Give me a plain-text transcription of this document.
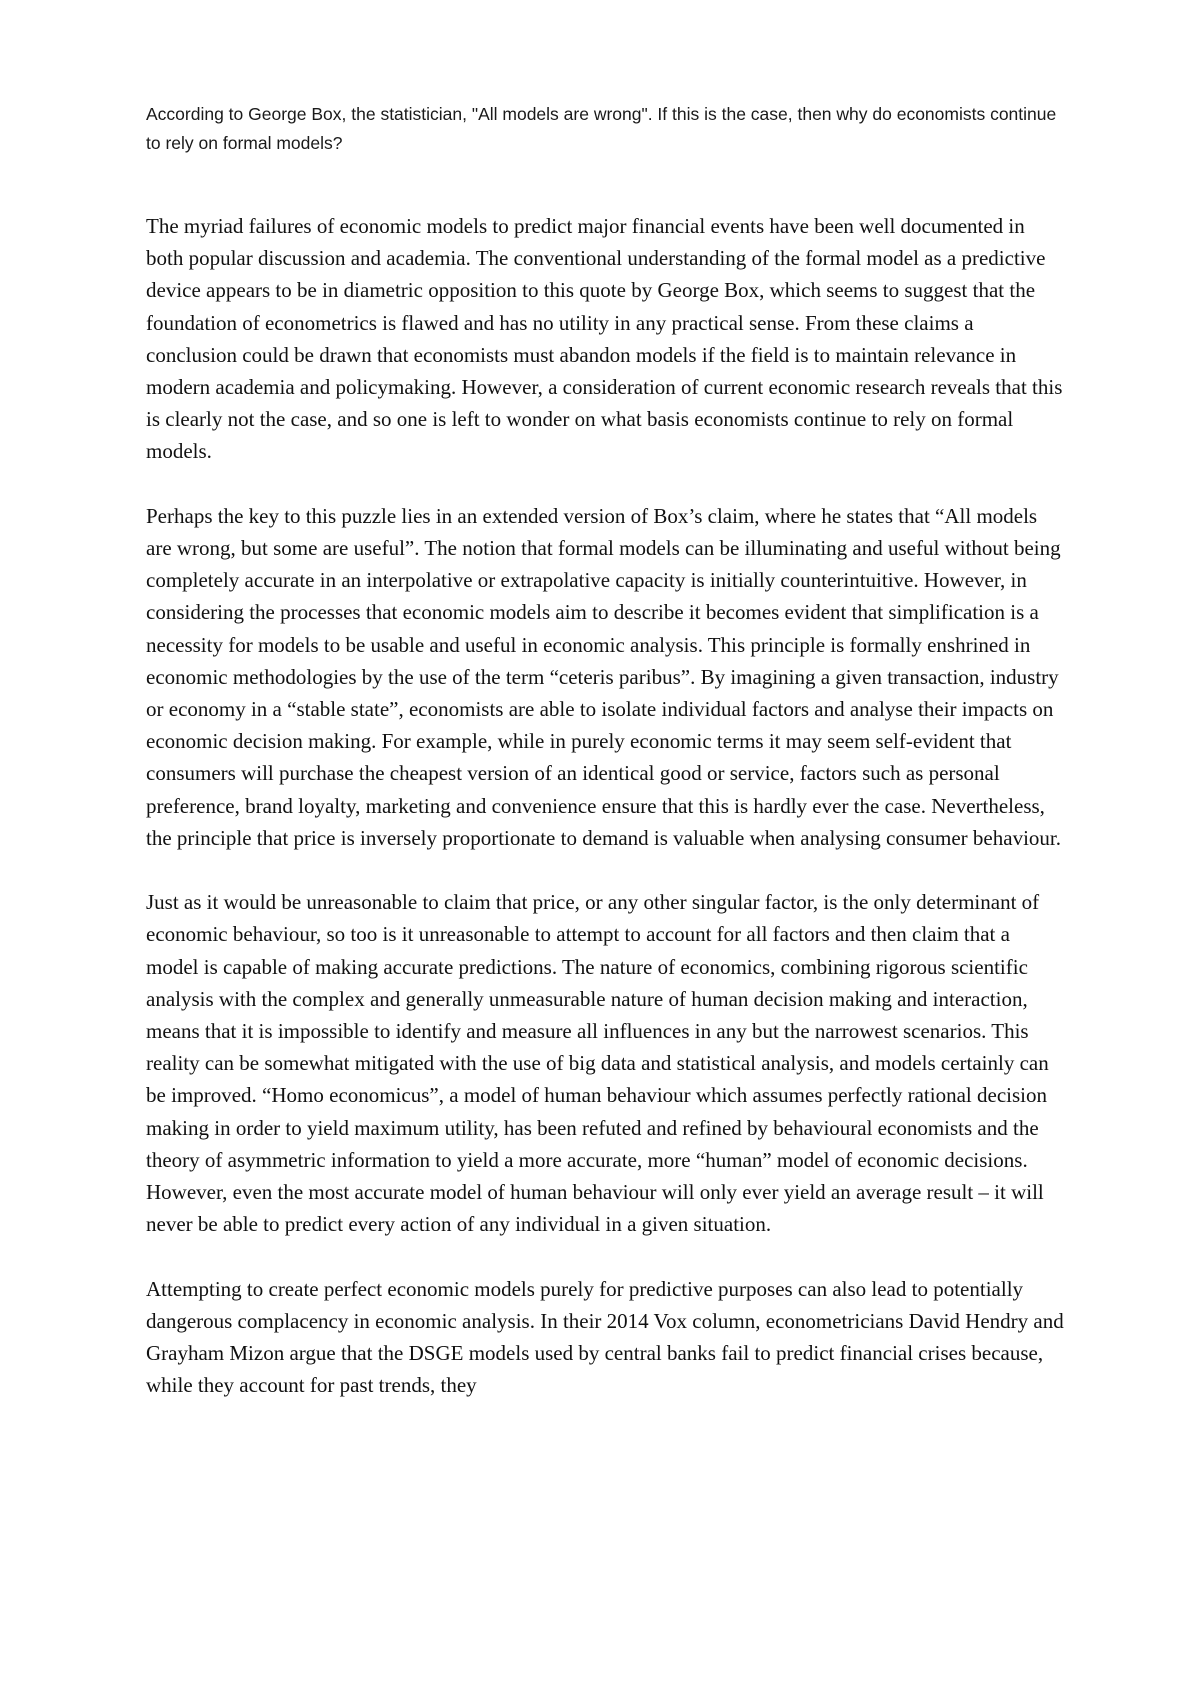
According to George Box, the statistician, "All models are wrong". If this is the case, then why do economists continue to rely on formal models?

The myriad failures of economic models to predict major financial events have been well documented in both popular discussion and academia. The conventional understanding of the formal model as a predictive device appears to be in diametric opposition to this quote by George Box, which seems to suggest that the foundation of econometrics is flawed and has no utility in any practical sense. From these claims a conclusion could be drawn that economists must abandon models if the field is to maintain relevance in modern academia and policymaking. However, a consideration of current economic research reveals that this is clearly not the case, and so one is left to wonder on what basis economists continue to rely on formal models.

Perhaps the key to this puzzle lies in an extended version of Box’s claim, where he states that “All models are wrong, but some are useful”. The notion that formal models can be illuminating and useful without being completely accurate in an interpolative or extrapolative capacity is initially counterintuitive. However, in considering the processes that economic models aim to describe it becomes evident that simplification is a necessity for models to be usable and useful in economic analysis. This principle is formally enshrined in economic methodologies by the use of the term “ceteris paribus”. By imagining a given transaction, industry or economy in a “stable state”, economists are able to isolate individual factors and analyse their impacts on economic decision making. For example, while in purely economic terms it may seem self-evident that consumers will purchase the cheapest version of an identical good or service, factors such as personal preference, brand loyalty, marketing and convenience ensure that this is hardly ever the case. Nevertheless, the principle that price is inversely proportionate to demand is valuable when analysing consumer behaviour.

Just as it would be unreasonable to claim that price, or any other singular factor, is the only determinant of economic behaviour, so too is it unreasonable to attempt to account for all factors and then claim that a model is capable of making accurate predictions. The nature of economics, combining rigorous scientific analysis with the complex and generally unmeasurable nature of human decision making and interaction, means that it is impossible to identify and measure all influences in any but the narrowest scenarios. This reality can be somewhat mitigated with the use of big data and statistical analysis, and models certainly can be improved. “Homo economicus”, a model of human behaviour which assumes perfectly rational decision making in order to yield maximum utility, has been refuted and refined by behavioural economists and the theory of asymmetric information to yield a more accurate, more “human” model of economic decisions. However, even the most accurate model of human behaviour will only ever yield an average result – it will never be able to predict every action of any individual in a given situation.

Attempting to create perfect economic models purely for predictive purposes can also lead to potentially dangerous complacency in economic analysis. In their 2014 Vox column, econometricians David Hendry and Grayham Mizon argue that the DSGE models used by central banks fail to predict financial crises because, while they account for past trends, they
